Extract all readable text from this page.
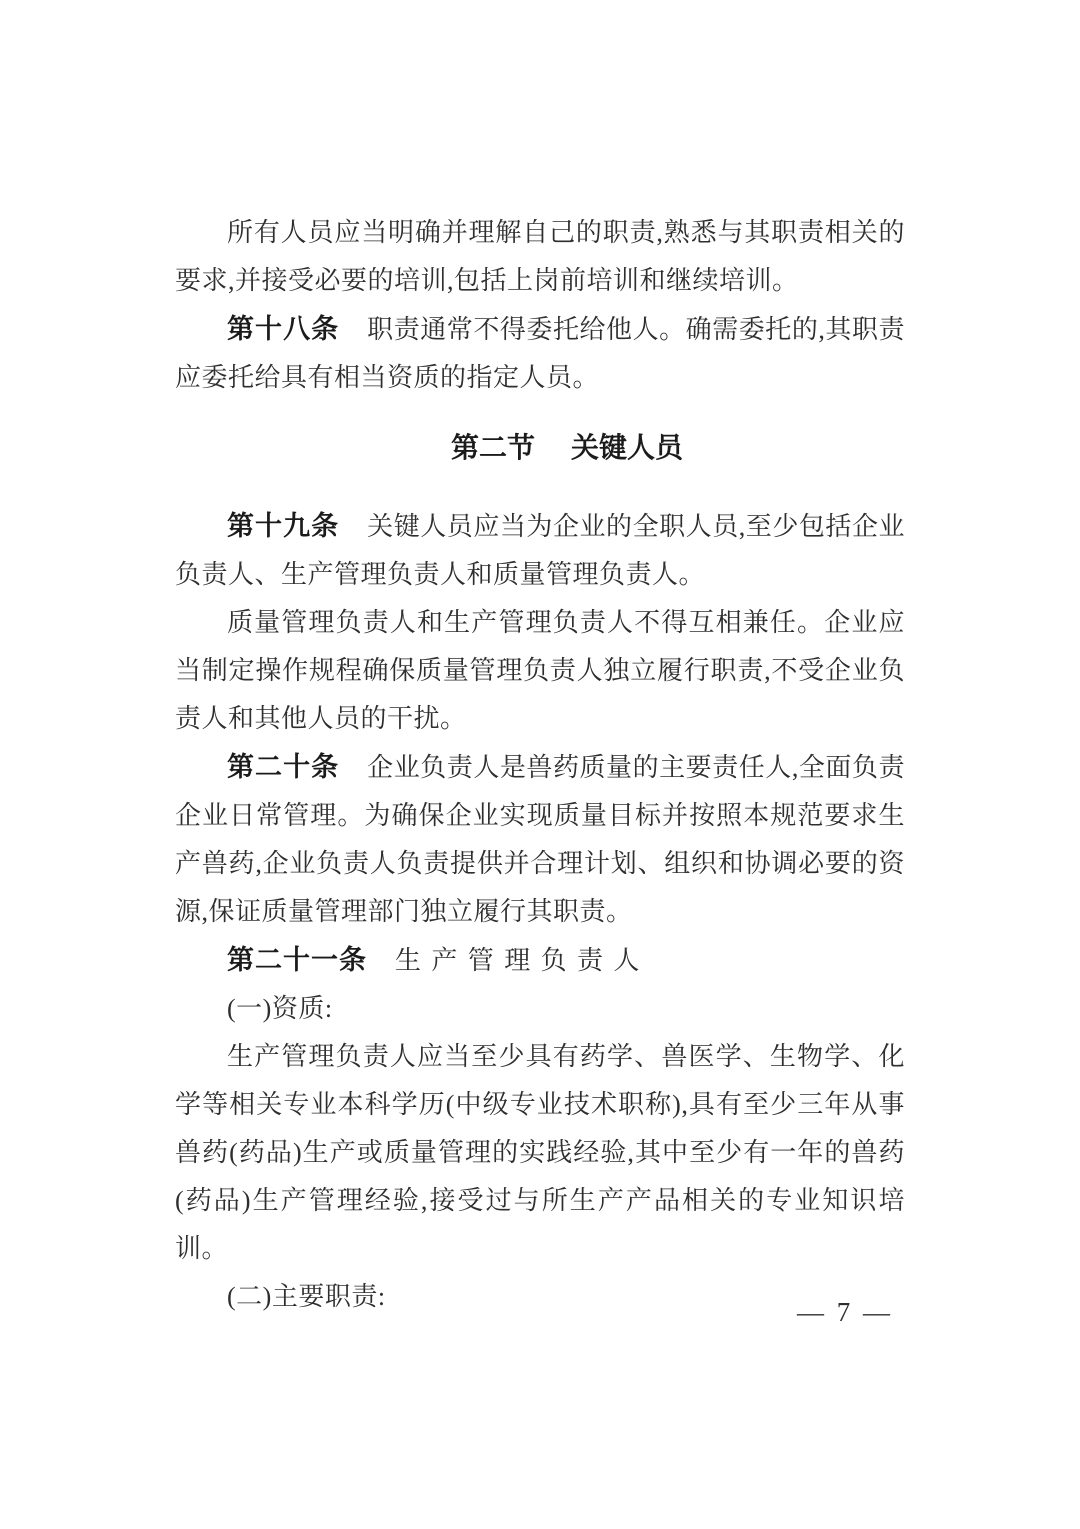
所有人员应当明确并理解自己的职责,熟悉与其职责相关的要求,并接受必要的培训,包括上岗前培训和继续培训。

第十八条 职责通常不得委托给他人。确需委托的,其职责应委托给具有相当资质的指定人员。

第二节 关键人员

第十九条 关键人员应当为企业的全职人员,至少包括企业负责人、生产管理负责人和质量管理负责人。

质量管理负责人和生产管理负责人不得互相兼任。企业应当制定操作规程确保质量管理负责人独立履行职责,不受企业负责人和其他人员的干扰。

第二十条 企业负责人是兽药质量的主要责任人,全面负责企业日常管理。为确保企业实现质量目标并按照本规范要求生产兽药,企业负责人负责提供并合理计划、组织和协调必要的资源,保证质量管理部门独立履行其职责。

第二十一条 生产管理负责人

(一)资质:

生产管理负责人应当至少具有药学、兽医学、生物学、化学等相关专业本科学历(中级专业技术职称),具有至少三年从事兽药(药品)生产或质量管理的实践经验,其中至少有一年的兽药(药品)生产管理经验,接受过与所生产产品相关的专业知识培训。

(二)主要职责:

— 7 —
